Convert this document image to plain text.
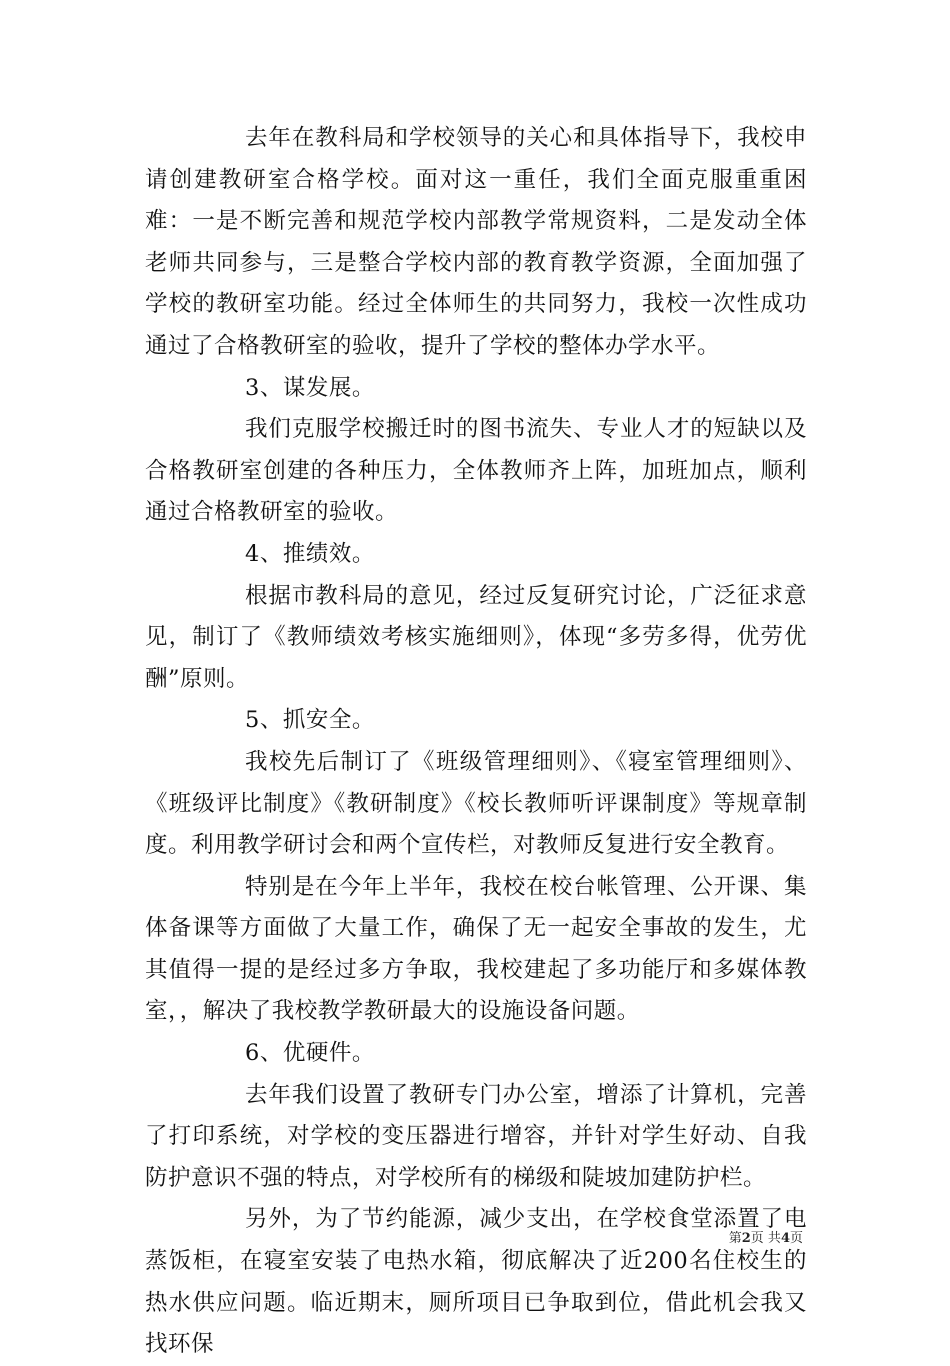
去年在教科局和学校领导的关心和具体指导下，我校申请创建教研室合格学校。面对这一重任，我们全面克服重重困难：一是不断完善和规范学校内部教学常规资料，二是发动全体老师共同参与，三是整合学校内部的教育教学资源，全面加强了学校的教研室功能。经过全体师生的共同努力，我校一次性成功通过了合格教研室的验收，提升了学校的整体办学水平。

3、谋发展。

我们克服学校搬迁时的图书流失、专业人才的短缺以及合格教研室创建的各种压力，全体教师齐上阵，加班加点，顺利通过合格教研室的验收。

4、推绩效。

根据市教科局的意见，经过反复研究讨论，广泛征求意见，制订了《教师绩效考核实施细则》，体现“多劳多得，优劳优酬”原则。

5、抓安全。

我校先后制订了《班级管理细则》、《寝室管理细则》、《班级评比制度》《教研制度》《校长教师听评课制度》等规章制度。利用教学研讨会和两个宣传栏，对教师反复进行安全教育。

特别是在今年上半年，我校在校台帐管理、公开课、集体备课等方面做了大量工作，确保了无一起安全事故的发生，尤其值得一提的是经过多方争取，我校建起了多功能厅和多媒体教室，，解决了我校教学教研最大的设施设备问题。

6、优硬件。

去年我们设置了教研专门办公室，增添了计算机，完善了打印系统，对学校的变压器进行增容，并针对学生好动、自我防护意识不强的特点，对学校所有的梯级和陡坡加建防护栏。

另外，为了节约能源，减少支出，在学校食堂添置了电蒸饭柜，在寝室安装了电热水箱，彻底解决了近200名住校生的热水供应问题。临近期末，厕所项目已争取到位，借此机会我又找环保

第2页 共4页
